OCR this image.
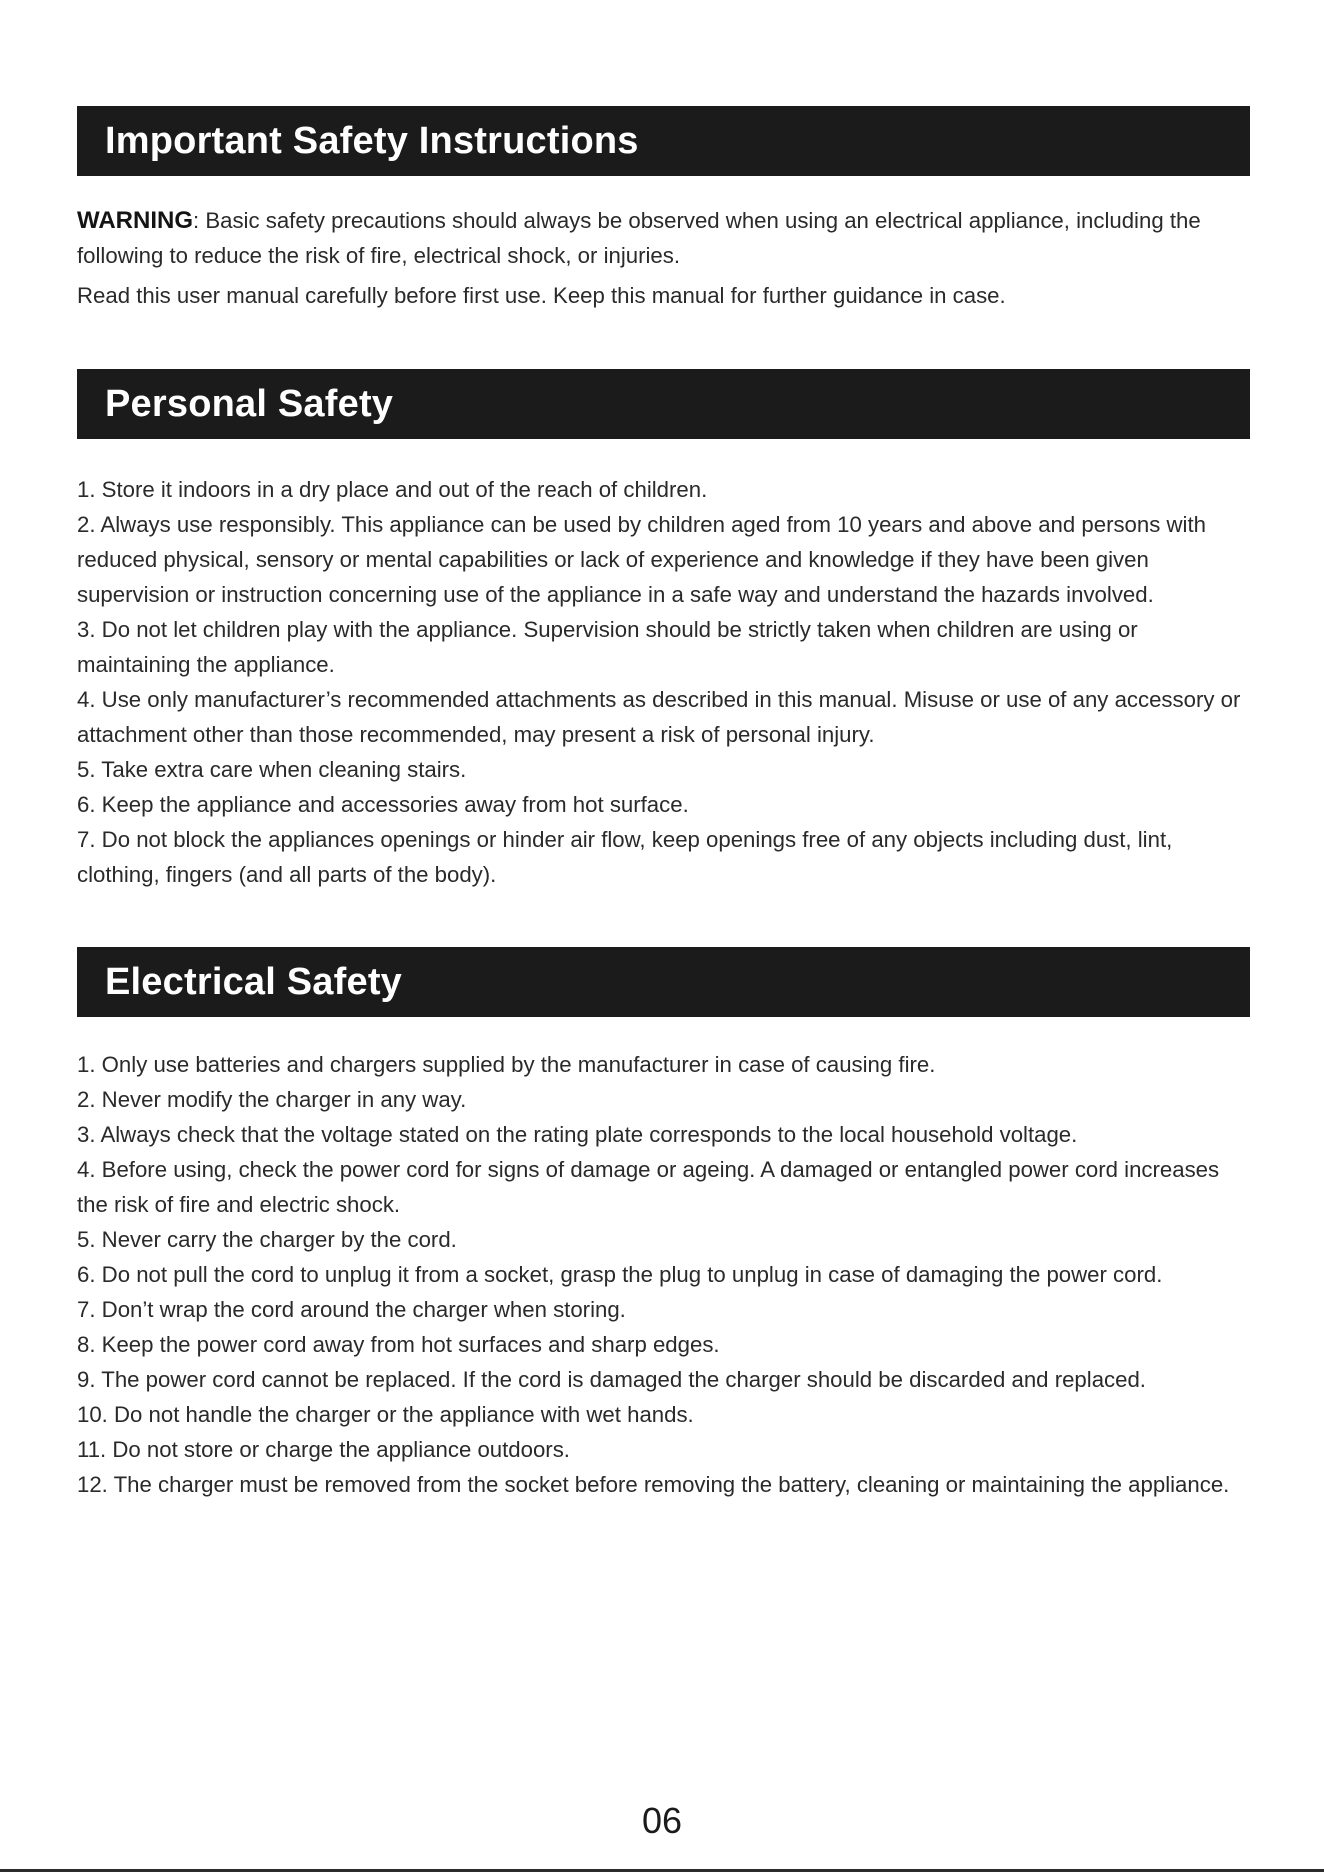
Important Safety Instructions

WARNING: Basic safety precautions should always be observed when using an electrical appliance, including the following to reduce the risk of fire, electrical shock, or injuries.

Read this user manual carefully before first use. Keep this manual for further guidance in case.

Personal Safety
1. Store it indoors in a dry place and out of the reach of children.
2. Always use responsibly. This appliance can be used by children aged from 10 years and above and persons with reduced physical, sensory or mental capabilities or lack of experience and knowledge if they have been given supervision or instruction concerning use of the appliance in a safe way and understand the hazards involved.
3. Do not let children play with the appliance. Supervision should be strictly taken when children are using or maintaining the appliance.
4. Use only manufacturer’s recommended attachments as described in this manual. Misuse or use of any accessory or attachment other than those recommended, may present a risk of personal injury.
5. Take extra care when cleaning stairs.
6. Keep the appliance and accessories away from hot surface.
7. Do not block the appliances openings or hinder air flow, keep openings free of any objects including dust, lint, clothing, fingers (and all parts of the body).
Electrical Safety
1. Only use batteries and chargers supplied by the manufacturer in case of causing fire.
2. Never modify the charger in any way.
3. Always check that the voltage stated on the rating plate corresponds to the local household voltage.
4. Before using, check the power cord for signs of damage or ageing. A damaged or entangled power cord increases the risk of fire and electric shock.
5. Never carry the charger by the cord.
6. Do not pull the cord to unplug it from a socket, grasp the plug to unplug in case of damaging the power cord.
7. Don’t wrap the cord around the charger when storing.
8. Keep the power cord away from hot surfaces and sharp edges.
9. The power cord cannot be replaced. If the cord is damaged the charger should be discarded and replaced.
10. Do not handle the charger or the appliance with wet hands.
11. Do not store or charge the appliance outdoors.
12. The charger must be removed from the socket before removing the battery, cleaning or maintaining the appliance.
06
